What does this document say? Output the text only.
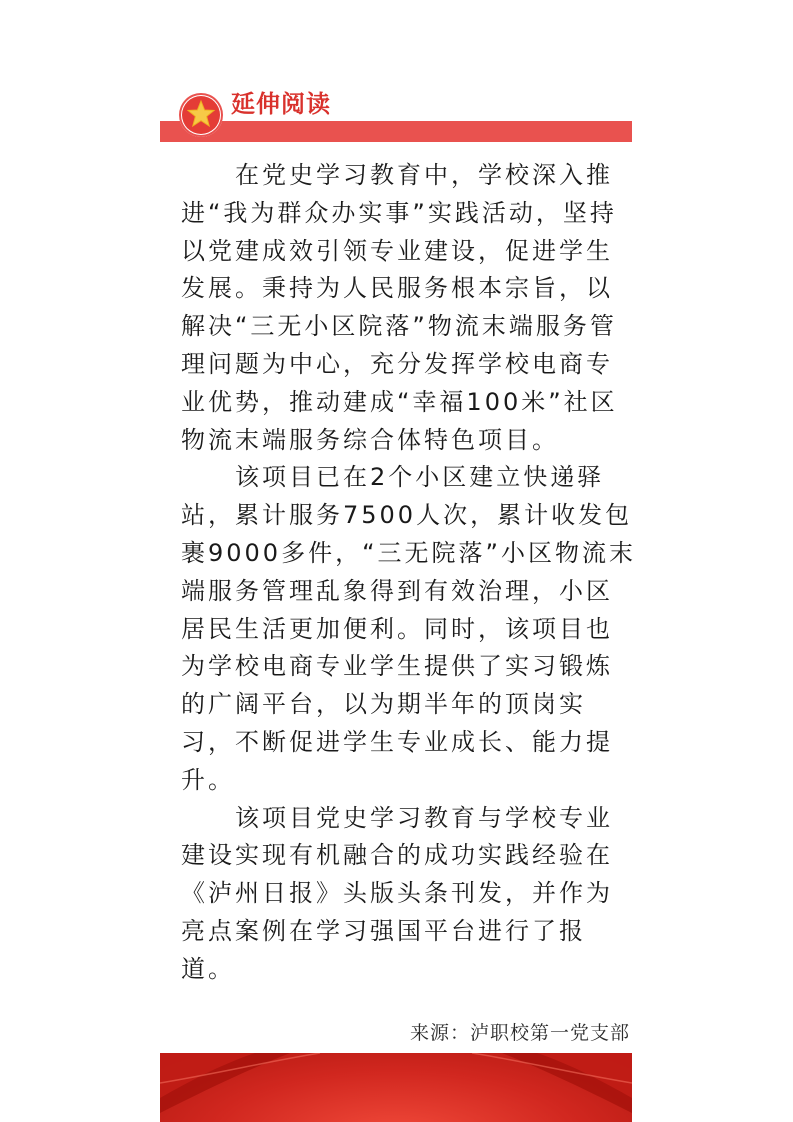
延伸阅读

　　在党史学习教育中，学校深入推
进“我为群众办实事”实践活动，坚持
以党建成效引领专业建设，促进学生
发展。秉持为人民服务根本宗旨，以
解决“三无小区院落”物流末端服务管
理问题为中心，充分发挥学校电商专
业优势，推动建成“幸福100米”社区
物流末端服务综合体特色项目。

　　该项目已在2个小区建立快递驿
站，累计服务7500人次，累计收发包
裹9000多件，“三无院落”小区物流末
端服务管理乱象得到有效治理，小区
居民生活更加便利。同时，该项目也
为学校电商专业学生提供了实习锻炼
的广阔平台，以为期半年的顶岗实
习，不断促进学生专业成长、能力提
升。

　　该项目党史学习教育与学校专业
建设实现有机融合的成功实践经验在
《泸州日报》头版头条刊发，并作为
亮点案例在学习强国平台进行了报
道。

来源：泸职校第一党支部
